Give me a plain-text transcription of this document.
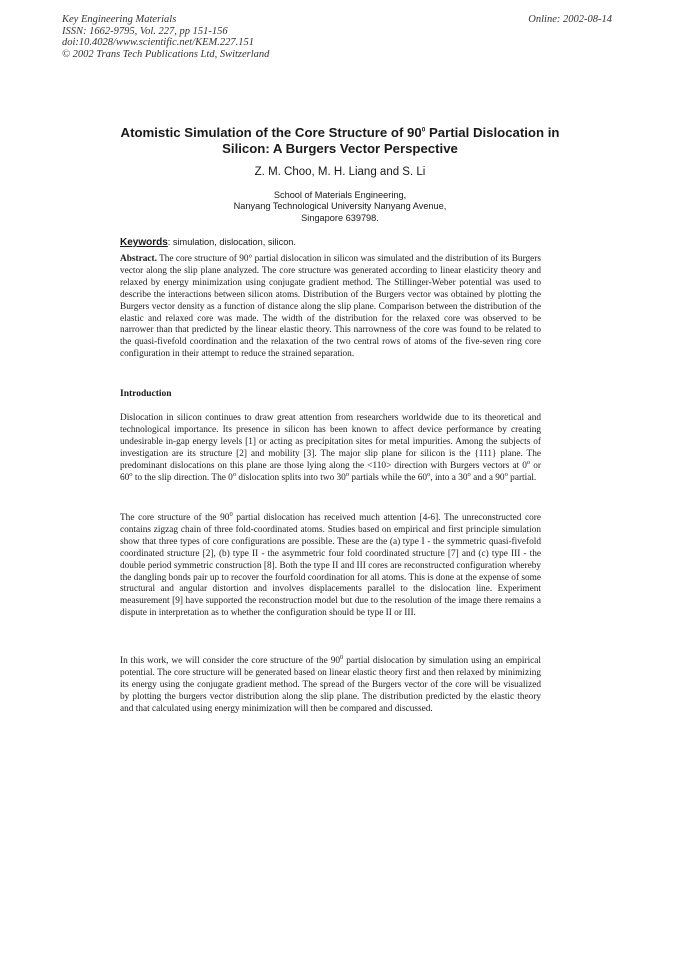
Key Engineering Materials
ISSN: 1662-9795, Vol. 227, pp 151-156
doi:10.4028/www.scientific.net/KEM.227.151
© 2002 Trans Tech Publications Ltd, Switzerland
Online: 2002-08-14
Atomistic Simulation of the Core Structure of $90^0$ Partial Dislocation in Silicon: A Burgers Vector Perspective
Z. M. Choo, M. H. Liang and S. Li
School of Materials Engineering,
Nanyang Technological University Nanyang Avenue,
Singapore 639798.
Keywords: simulation, dislocation, silicon.

Abstract. The core structure of 90° partial dislocation in silicon was simulated and the distribution of its Burgers vector along the slip plane analyzed. The core structure was generated according to linear elasticity theory and relaxed by energy minimization using conjugate gradient method. The Stillinger-Weber potential was used to describe the interactions between silicon atoms. Distribution of the Burgers vector was obtained by plotting the Burgers vector density as a function of distance along the slip plane. Comparison between the distribution of the elastic and relaxed core was made. The width of the distribution for the relaxed core was observed to be narrower than that predicted by the linear elastic theory. This narrowness of the core was found to be related to the quasi-fivefold coordination and the relaxation of the two central rows of atoms of the five-seven ring core configuration in their attempt to reduce the strained separation.

Introduction

Dislocation in silicon continues to draw great attention from researchers worldwide due to its theoretical and technological importance. Its presence in silicon has been known to affect device performance by creating undesirable in-gap energy levels [1] or acting as precipitation sites for metal impurities. Among the subjects of investigation are its structure [2] and mobility [3]. The major slip plane for silicon is the {111} plane. The predominant dislocations on this plane are those lying along the <110> direction with Burgers vectors at 0$^o$ or 60$^o$ to the slip direction. The 0$^o$ dislocation splits into two 30$^o$ partials while the 60$^o$, into a 30$^o$ and a 90$^o$ partial.

The core structure of the $90^0$ partial dislocation has received much attention [4-6]. The unreconstructed core contains zigzag chain of three fold-coordinated atoms. Studies based on empirical and first principle simulation show that three types of core configurations are possible. These are the (a) type I - the symmetric quasi-fivefold coordinated structure [2], (b) type II - the asymmetric four fold coordinated structure [7] and (c) type III - the double period symmetric construction [8]. Both the type II and III cores are reconstructed configuration whereby the dangling bonds pair up to recover the fourfold coordination for all atoms. This is done at the expense of some structural and angular distortion and involves displacements parallel to the dislocation line. Experiment measurement [9] have supported the reconstruction model but due to the resolution of the image there remains a dispute in interpretation as to whether the configuration should be type II or III.

In this work, we will consider the core structure of the $90^0$ partial dislocation by simulation using an empirical potential. The core structure will be generated based on linear elastic theory first and then relaxed by minimizing its energy using the conjugate gradient method. The spread of the Burgers vector of the core will be visualized by plotting the burgers vector distribution along the slip plane. The distribution predicted by the elastic theory and that calculated using energy minimization will then be compared and discussed.
